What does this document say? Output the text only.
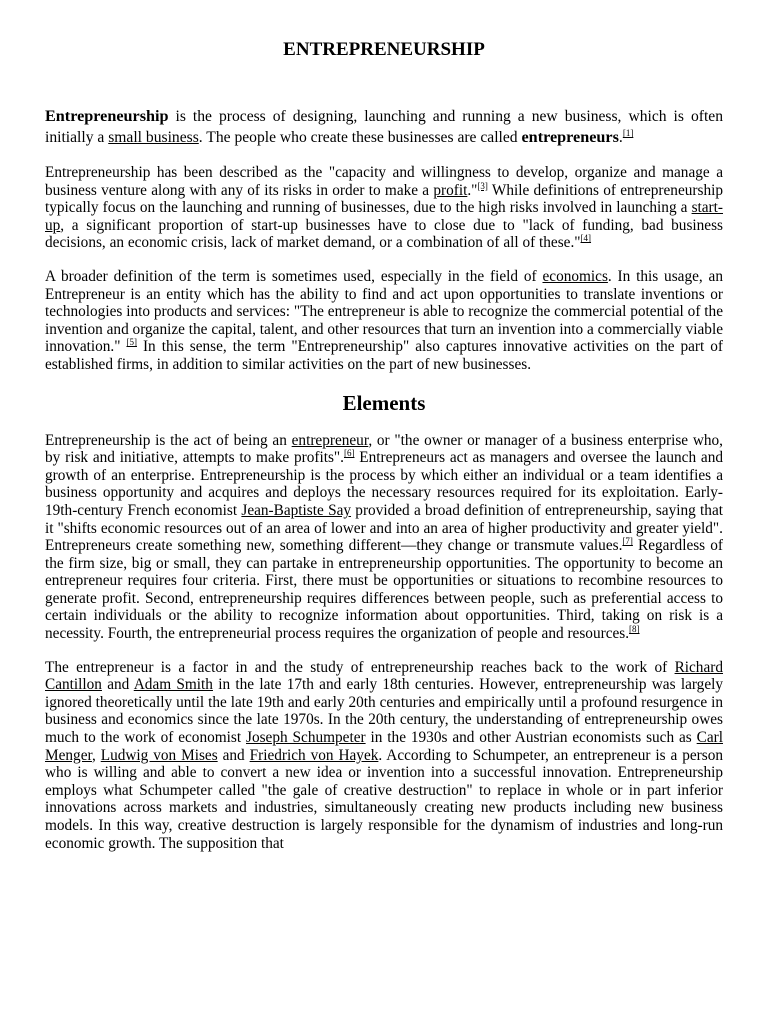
ENTREPRENEURSHIP

Entrepreneurship is the process of designing, launching and running a new business, which is often initially a small business. The people who create these businesses are called entrepreneurs.[1]

Entrepreneurship has been described as the "capacity and willingness to develop, organize and manage a business venture along with any of its risks in order to make a profit."[3] While definitions of entrepreneurship typically focus on the launching and running of businesses, due to the high risks involved in launching a start-up, a significant proportion of start-up businesses have to close due to "lack of funding, bad business decisions, an economic crisis, lack of market demand, or a combination of all of these."[4]

A broader definition of the term is sometimes used, especially in the field of economics. In this usage, an Entrepreneur is an entity which has the ability to find and act upon opportunities to translate inventions or technologies into products and services: "The entrepreneur is able to recognize the commercial potential of the invention and organize the capital, talent, and other resources that turn an invention into a commercially viable innovation." [5] In this sense, the term "Entrepreneurship" also captures innovative activities on the part of established firms, in addition to similar activities on the part of new businesses.

Elements

Entrepreneurship is the act of being an entrepreneur, or "the owner or manager of a business enterprise who, by risk and initiative, attempts to make profits".[6] Entrepreneurs act as managers and oversee the launch and growth of an enterprise. Entrepreneurship is the process by which either an individual or a team identifies a business opportunity and acquires and deploys the necessary resources required for its exploitation. Early-19th-century French economist Jean-Baptiste Say provided a broad definition of entrepreneurship, saying that it "shifts economic resources out of an area of lower and into an area of higher productivity and greater yield". Entrepreneurs create something new, something different—they change or transmute values.[7] Regardless of the firm size, big or small, they can partake in entrepreneurship opportunities. The opportunity to become an entrepreneur requires four criteria. First, there must be opportunities or situations to recombine resources to generate profit. Second, entrepreneurship requires differences between people, such as preferential access to certain individuals or the ability to recognize information about opportunities. Third, taking on risk is a necessity. Fourth, the entrepreneurial process requires the organization of people and resources.[8]

The entrepreneur is a factor in and the study of entrepreneurship reaches back to the work of Richard Cantillon and Adam Smith in the late 17th and early 18th centuries. However, entrepreneurship was largely ignored theoretically until the late 19th and early 20th centuries and empirically until a profound resurgence in business and economics since the late 1970s. In the 20th century, the understanding of entrepreneurship owes much to the work of economist Joseph Schumpeter in the 1930s and other Austrian economists such as Carl Menger, Ludwig von Mises and Friedrich von Hayek. According to Schumpeter, an entrepreneur is a person who is willing and able to convert a new idea or invention into a successful innovation. Entrepreneurship employs what Schumpeter called "the gale of creative destruction" to replace in whole or in part inferior innovations across markets and industries, simultaneously creating new products including new business models. In this way, creative destruction is largely responsible for the dynamism of industries and long-run economic growth. The supposition that
